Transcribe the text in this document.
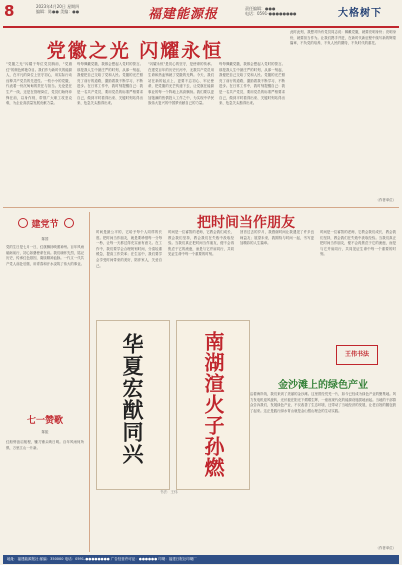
8	2023年4月20日 星期四
编辑：陈●● 美编：●●	福建能源报	责任编辑：●●●
电话：0591-●●●●●●●●	大格树下
党徽之光 闪耀永恒
"党徽之光"闪耀于每位党员胸前，"党旗红"的颜色鲜艳夺目。我们作为新时代的能源人，在平凡的岗位上坚守初心，用实际行动诠释共产党员的先进性。一枚小小的党徽，代表着一份沉甸甸的责任与担当。无论是在生产一线，还是在管理岗位，党员们始终冲锋在前，以身作则，带领广大职工攻坚克难，为企业高质量发展贡献力量。
每每佩戴党徽，我都会想起入党时的誓言。那是我人生中最庄严的时刻，从那一刻起，我便把自己交给了党和人民。党徽的光芒照亮了前行的道路，激励着我不断学习、不断进步。在日常工作中，我时刻提醒自己：我是一名共产党员，要用党员的标准严格要求自己，做到平时看得出来、关键时刻站得出来、危急关头豁得出来。
"闪耀永恒"是初心的坚守，是使命的传承。在建党百年的历史长河中，无数共产党员用生命和热血铸就了党徽的光辉。今天，我们站在新的起点上，更要不忘初心、牢记使命，把党徽的光芒传递下去，让党旗在能源事业的每一个阵地上高高飘扬。我们要以更加饱满的热情投入工作之中，为实现中华民族伟大复兴的中国梦贡献自己的力量。
每每佩戴党徽，我都会想起入党时的誓言。那是我人生中最庄严的时刻，从那一刻起，我便把自己交给了党和人民。党徽的光芒照亮了前行的道路，激励着我不断学习、不断进步。在日常工作中，我时刻提醒自己：我是一名共产党员，要用党员的标准严格要求自己，做到平时看得出来、关键时刻站得出来、危急关头豁得出来。
此时此刻，我想对所有党员同志说：佩戴党徽，就要亮明身份；亮明身份，就要担当作为。让我们携手并进，在新时代新征程中续写新的辉煌篇章，不负党的培养，不负人民的期待，不负时代的重托。
（作者单位）
建党节
陈国
党的生日是七月一日，红旗飘扬映照神州。百年风雨砥砺前行，初心如磐使命在肩。我们缅怀先烈，铭记历史，传承红色基因，赓续精神血脉。一代又一代共产党人前赴后继，用青春和汗水浇筑了伟大的事业。
七一赞歌
陈振
红船劈浪启航程，镰刀锤头映日明。百年风雨何所惧，万里江山一片新。
把时间当作朋友
时间是最公平的，它给予每个人同样的长度。把时间当作朋友，就是要珍惜每一分每一秒，让每一天都过得充实而有意义。在工作中，我们要学会合理规划时间，分清轻重缓急，提高工作效率；在生活中，我们要学会享受时间带来的美好，陪伴家人，关爱自己。
时间是一位睿智的老师，它教会我们成长，教会我们坚持，教会我们在失败中汲取经验。当我们真正把时间当作朋友，便不会再焦虑于它的流逝，而是与它并肩同行，共同见证生命中每一个重要的时刻。
回首过去的岁月，我感谢时间让我遇见了许多良师益友；展望未来，我期待与时间一起，书写更加精彩的人生篇章。
时间是一位睿智的老师，它教会我们成长，教会我们坚持，教会我们在失败中汲取经验。当我们真正把时间当作朋友，便不会再焦虑于它的流逝，而是与它并肩同行，共同见证生命中每一个重要的时刻。
华夏宏猷同兴	南湖渲火子孙燃
书法：王伟
王伟书法
金沙滩上的绿色产业
沿着海岸线，我们来到了美丽的金沙滩。这里曾经荒芜一片，如今已经成为绿色产业的聚集地。风力发电机迎风旋转，光伏板在阳光下熠熠生辉，一座座现代化的能源设施拔地而起。当地的干部群众告诉我们，发展绿色产业，不仅改善了生态环境，还带动了当地经济的发展，让老百姓的腰包鼓了起来。这正是践行绿水青山就是金山银山理念的生动实践。
（作者单位）
地址：福建能源报社 邮编：350000 电话：0591-●●●●●●●● 广告经营许可证：●●●●●● 印刷：福建日报社印刷厂
